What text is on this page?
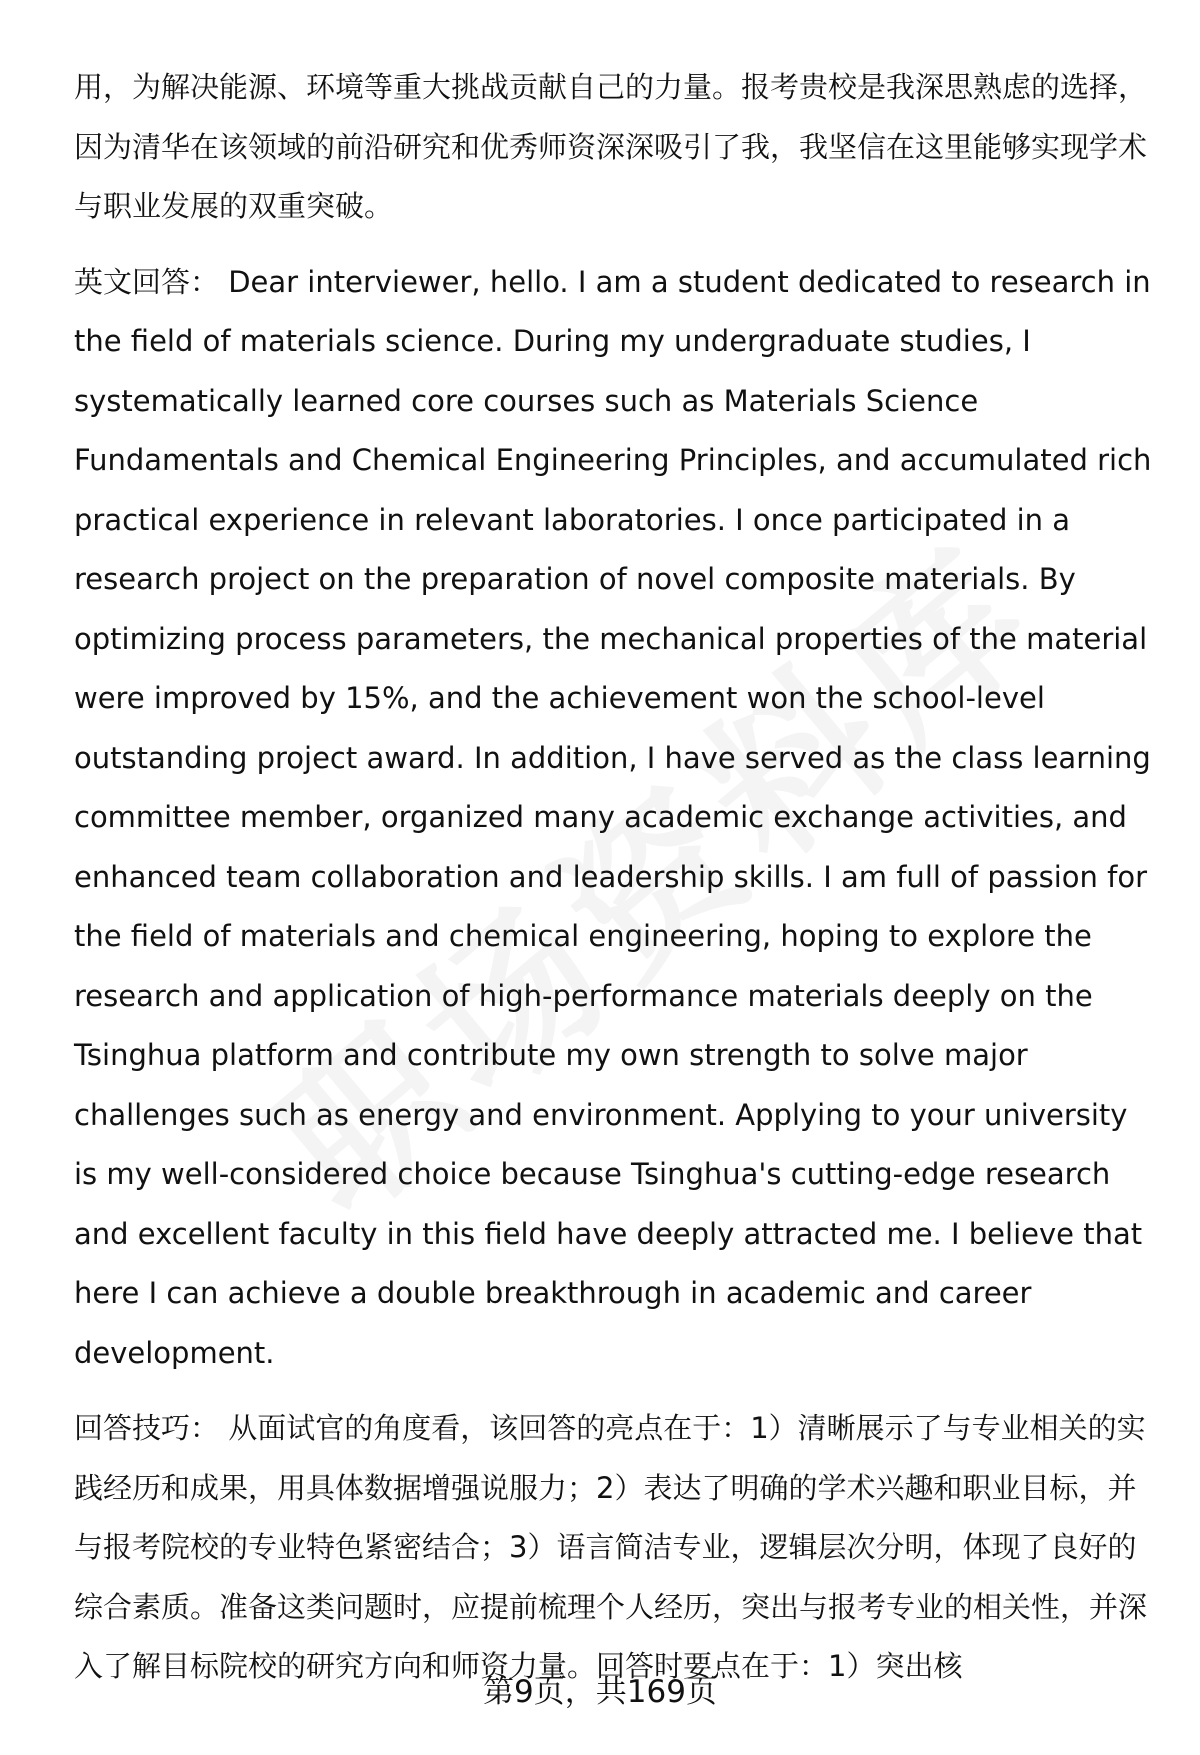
用，为解决能源、环境等重大挑战贡献自己的力量。报考贵校是我深思熟虑的选择，因为清华在该领域的前沿研究和优秀师资深深吸引了我，我坚信在这里能够实现学术与职业发展的双重突破。

英文回答： Dear interviewer, hello. I am a student dedicated to research in the field of materials science. During my undergraduate studies, I systematically learned core courses such as Materials Science Fundamentals and Chemical Engineering Principles, and accumulated rich practical experience in relevant laboratories. I once participated in a research project on the preparation of novel composite materials. By optimizing process parameters, the mechanical properties of the material were improved by 15%, and the achievement won the school-level outstanding project award. In addition, I have served as the class learning committee member, organized many academic exchange activities, and enhanced team collaboration and leadership skills. I am full of passion for the field of materials and chemical engineering, hoping to explore the research and application of high-performance materials deeply on the Tsinghua platform and contribute my own strength to solve major challenges such as energy and environment. Applying to your university is my well-considered choice because Tsinghua's cutting-edge research and excellent faculty in this field have deeply attracted me. I believe that here I can achieve a double breakthrough in academic and career development.

回答技巧： 从面试官的角度看，该回答的亮点在于：1）清晰展示了与专业相关的实践经历和成果，用具体数据增强说服力；2）表达了明确的学术兴趣和职业目标，并与报考院校的专业特色紧密结合；3）语言简洁专业，逻辑层次分明，体现了良好的综合素质。准备这类问题时，应提前梳理个人经历，突出与报考专业的相关性，并深入了解目标院校的研究方向和师资力量。回答时要点在于：1）突出核

第9页，共169页
